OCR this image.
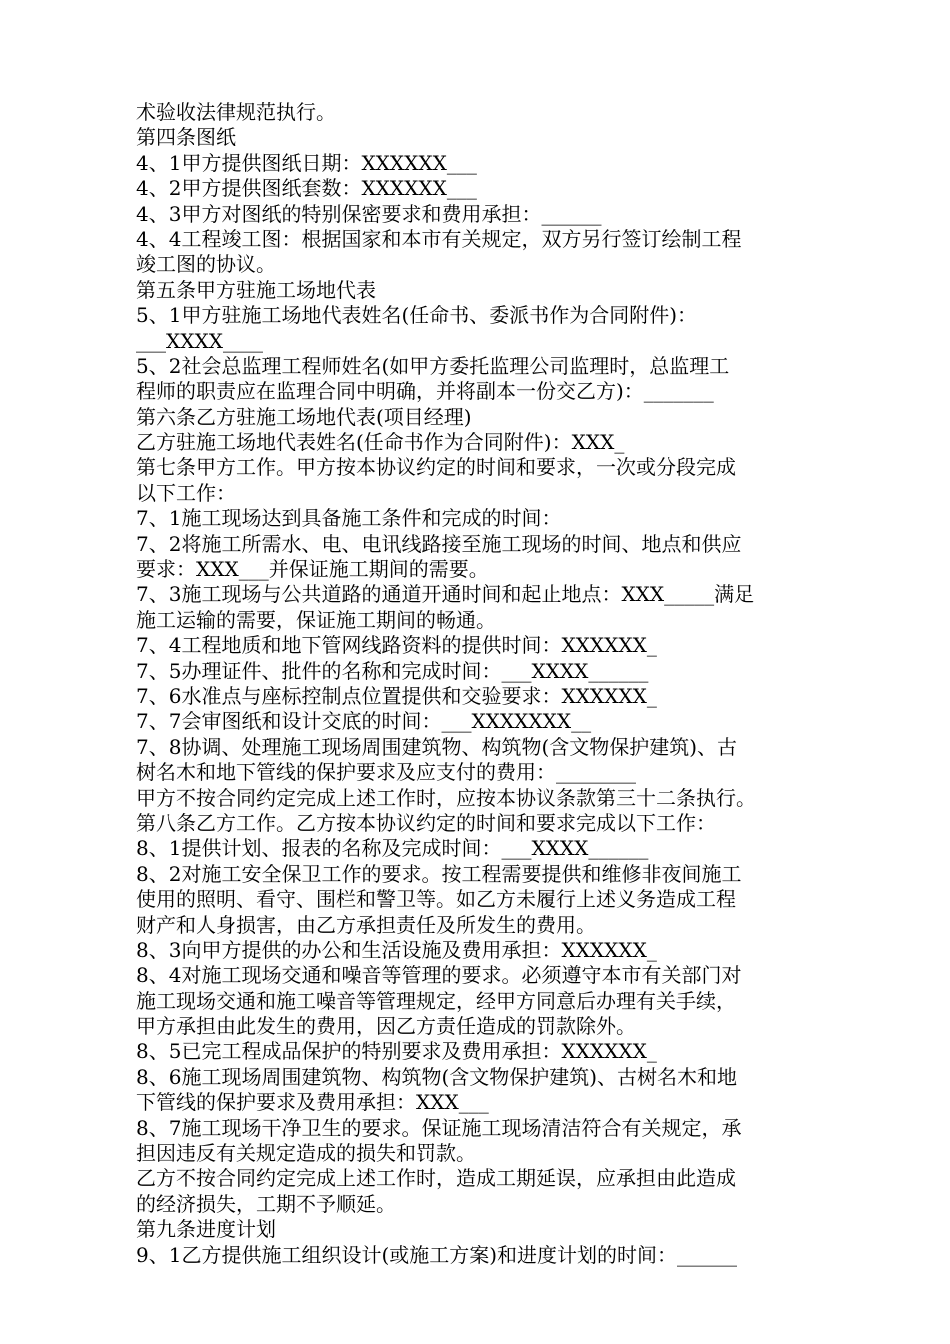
术验收法律规范执行。
第四条图纸
4、1甲方提供图纸日期：XXXXXX___
4、2甲方提供图纸套数：XXXXXX___
4、3甲方对图纸的特别保密要求和费用承担：______
4、4工程竣工图：根据国家和本市有关规定，双方另行签订绘制工程
竣工图的协议。
第五条甲方驻施工场地代表
5、1甲方驻施工场地代表姓名(任命书、委派书作为合同附件)：
___XXXX____
5、2社会总监理工程师姓名(如甲方委托监理公司监理时，总监理工
程师的职责应在监理合同中明确，并将副本一份交乙方)：_______
第六条乙方驻施工场地代表(项目经理)
乙方驻施工场地代表姓名(任命书作为合同附件)：XXX_
第七条甲方工作。甲方按本协议约定的时间和要求，一次或分段完成
以下工作：
7、1施工现场达到具备施工条件和完成的时间：
7、2将施工所需水、电、电讯线路接至施工现场的时间、地点和供应
要求：XXX___并保证施工期间的需要。
7、3施工现场与公共道路的通道开通时间和起止地点：XXX_____满足
施工运输的需要，保证施工期间的畅通。
7、4工程地质和地下管网线路资料的提供时间：XXXXXX_
7、5办理证件、批件的名称和完成时间：___XXXX______
7、6水准点与座标控制点位置提供和交验要求：XXXXXX_
7、7会审图纸和设计交底的时间：___XXXXXXX__
7、8协调、处理施工现场周围建筑物、构筑物(含文物保护建筑)、古
树名木和地下管线的保护要求及应支付的费用：________
甲方不按合同约定完成上述工作时，应按本协议条款第三十二条执行。
第八条乙方工作。乙方按本协议约定的时间和要求完成以下工作：
8、1提供计划、报表的名称及完成时间：___XXXX______
8、2对施工安全保卫工作的要求。按工程需要提供和维修非夜间施工
使用的照明、看守、围栏和警卫等。如乙方未履行上述义务造成工程
财产和人身损害，由乙方承担责任及所发生的费用。
8、3向甲方提供的办公和生活设施及费用承担：XXXXXX_
8、4对施工现场交通和噪音等管理的要求。必须遵守本市有关部门对
施工现场交通和施工噪音等管理规定，经甲方同意后办理有关手续，
甲方承担由此发生的费用，因乙方责任造成的罚款除外。
8、5已完工程成品保护的特别要求及费用承担：XXXXXX_
8、6施工现场周围建筑物、构筑物(含文物保护建筑)、古树名木和地
下管线的保护要求及费用承担：XXX___
8、7施工现场干净卫生的要求。保证施工现场清洁符合有关规定，承
担因违反有关规定造成的损失和罚款。
乙方不按合同约定完成上述工作时，造成工期延误，应承担由此造成
的经济损失，工期不予顺延。
第九条进度计划
9、1乙方提供施工组织设计(或施工方案)和进度计划的时间：______
